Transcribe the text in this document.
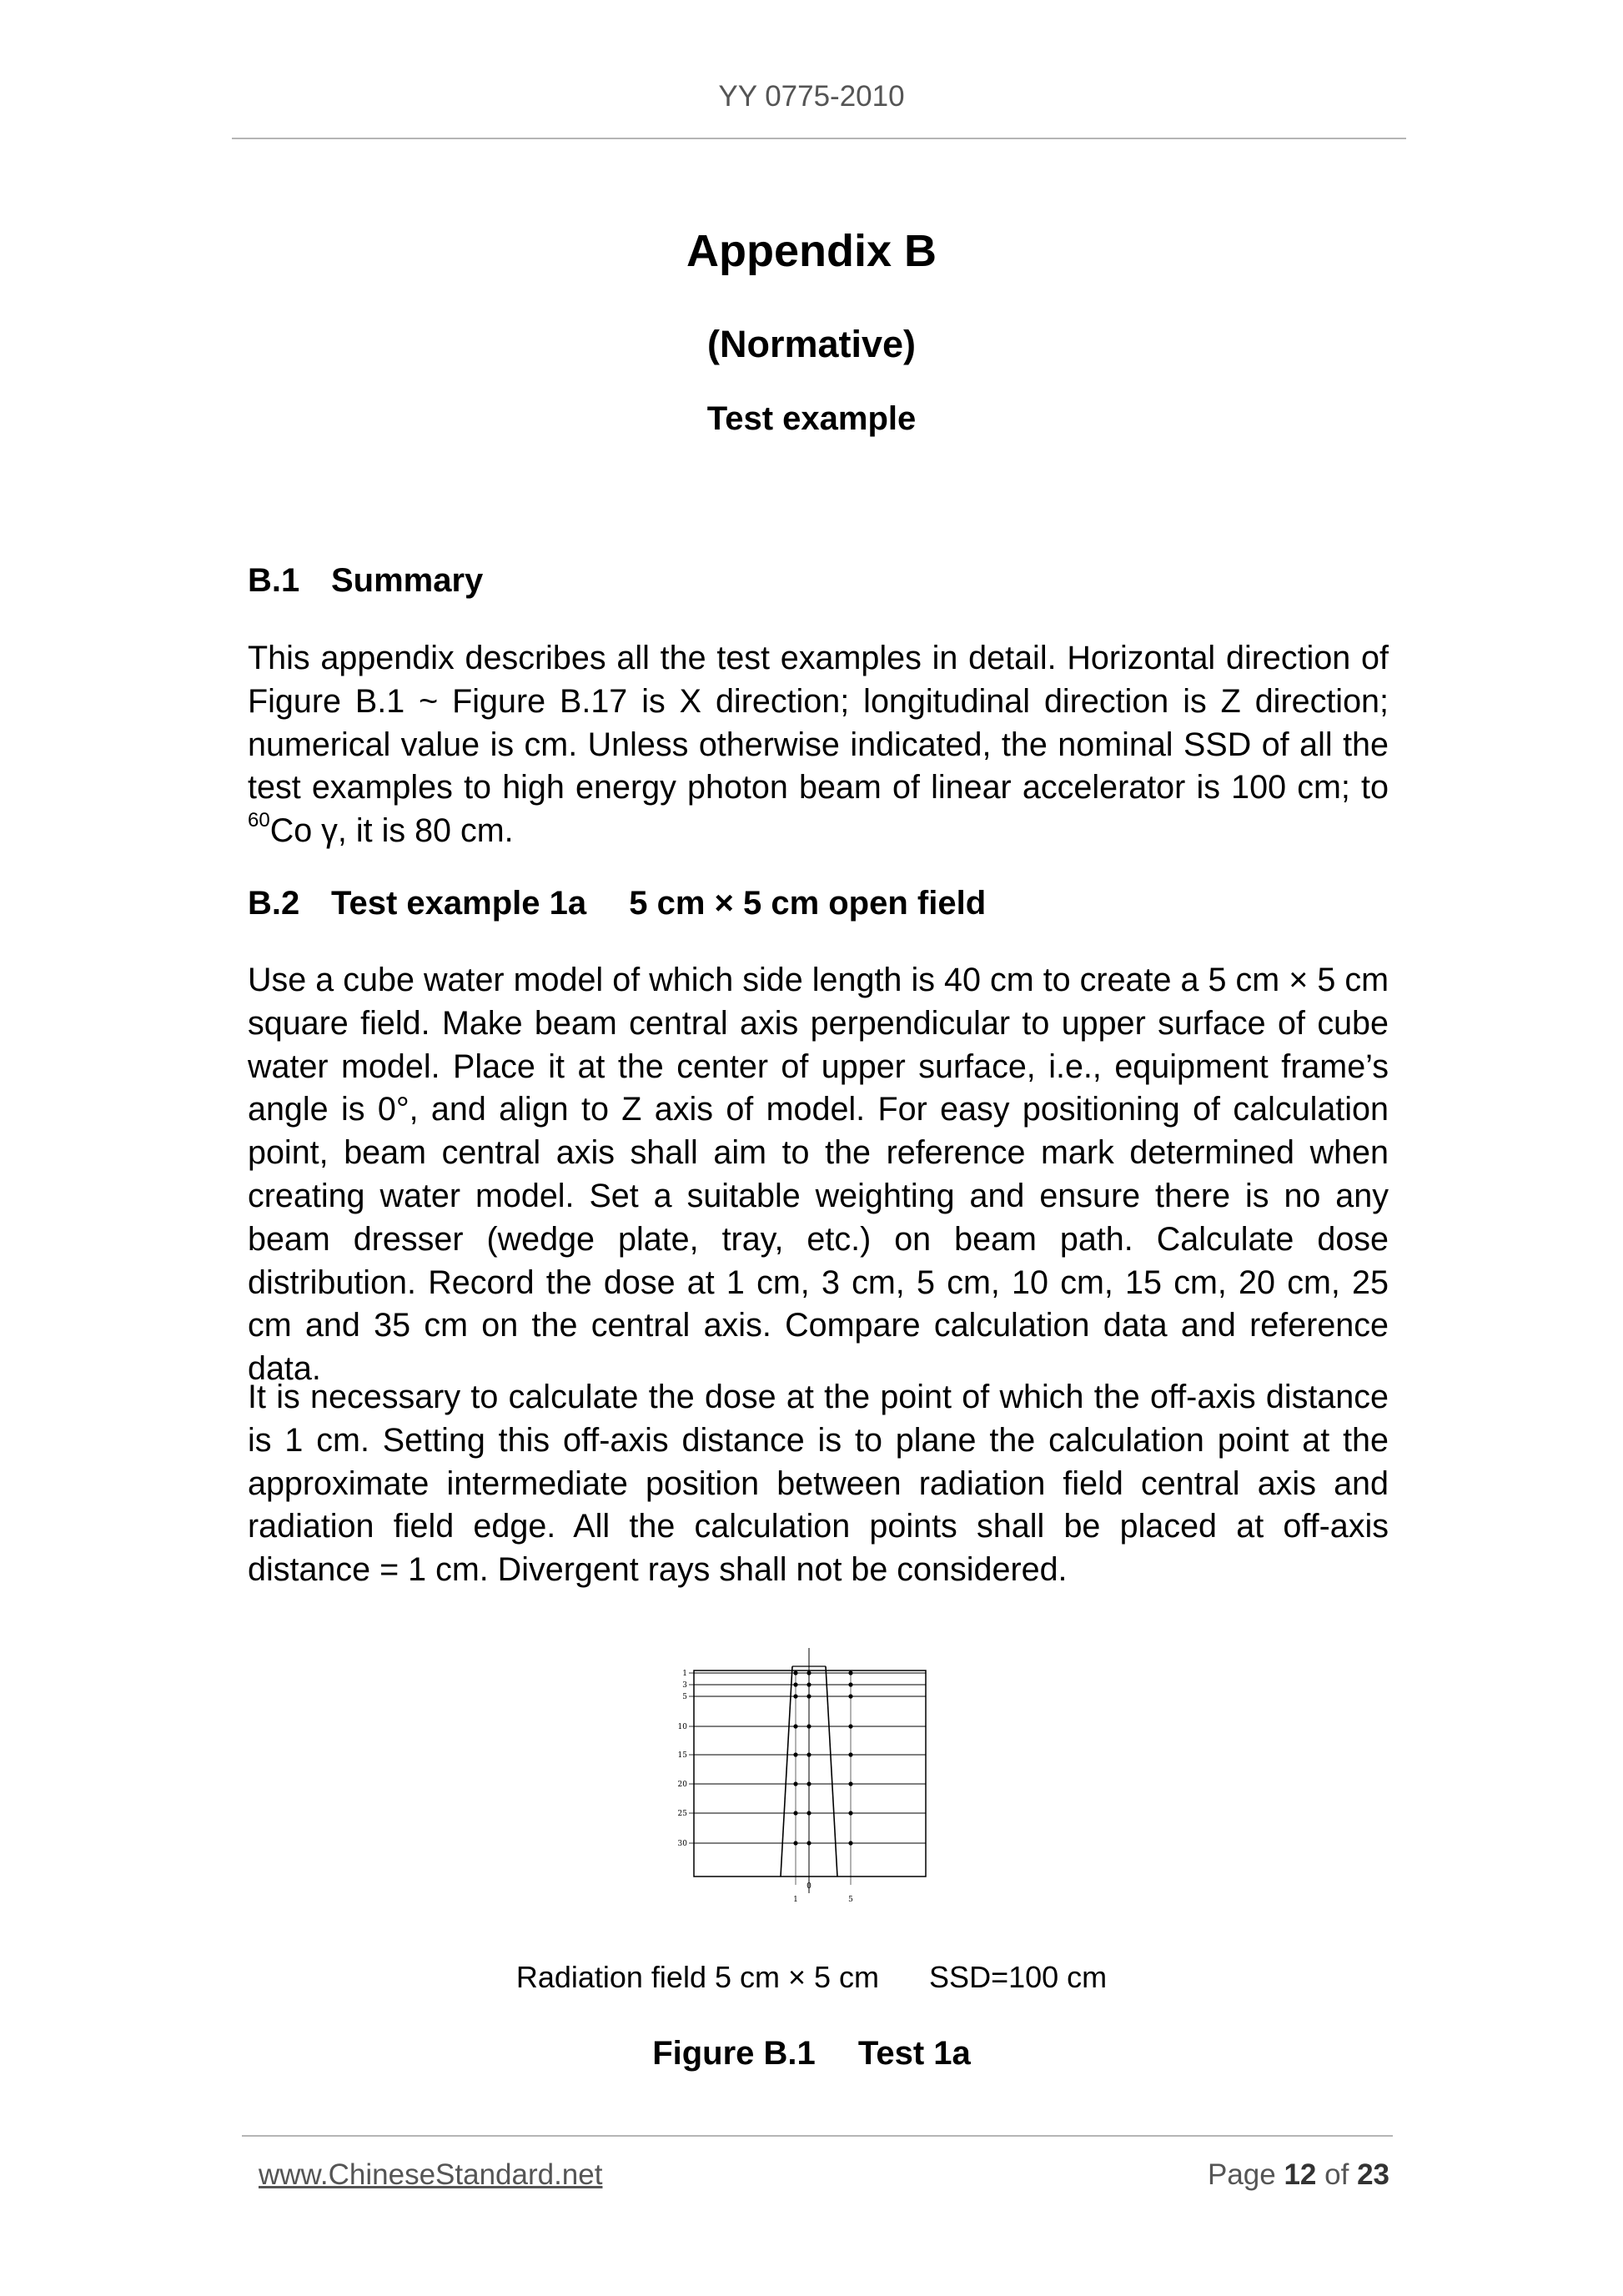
YY 0775-2010
Appendix B
(Normative)
Test example
B.1 Summary

This appendix describes all the test examples in detail. Horizontal direction of Figure B.1 ~ Figure B.17 is X direction; longitudinal direction is Z direction; numerical value is cm. Unless otherwise indicated, the nominal SSD of all the test examples to high energy photon beam of linear accelerator is 100 cm; to $^{60}$Co γ, it is 80 cm.

B.2 Test example 1a  5 cm × 5 cm open field

Use a cube water model of which side length is 40 cm to create a 5 cm × 5 cm square field. Make beam central axis perpendicular to upper surface of cube water model. Place it at the center of upper surface, i.e., equipment frame’s angle is 0°, and align to Z axis of model. For easy positioning of calculation point, beam central axis shall aim to the reference mark determined when creating water model. Set a suitable weighting and ensure there is no any beam dresser (wedge plate, tray, etc.) on beam path. Calculate dose distribution. Record the dose at 1 cm, 3 cm, 5 cm, 10 cm, 15 cm, 20 cm, 25 cm and 35 cm on the central axis. Compare calculation data and reference data.

It is necessary to calculate the dose at the point of which the off-axis distance is 1 cm. Setting this off-axis distance is to plane the calculation point at the approximate intermediate position between radiation field central axis and radiation field edge. All the calculation points shall be placed at off-axis distance = 1 cm. Divergent rays shall not be considered.

1
3
5
10
15
20
25
30
0
1	5
Radiation field 5 cm × 5 cm SSD=100 cm
Figure B.1  Test 1a
www.ChineseStandard.net	Page 12 of 23
